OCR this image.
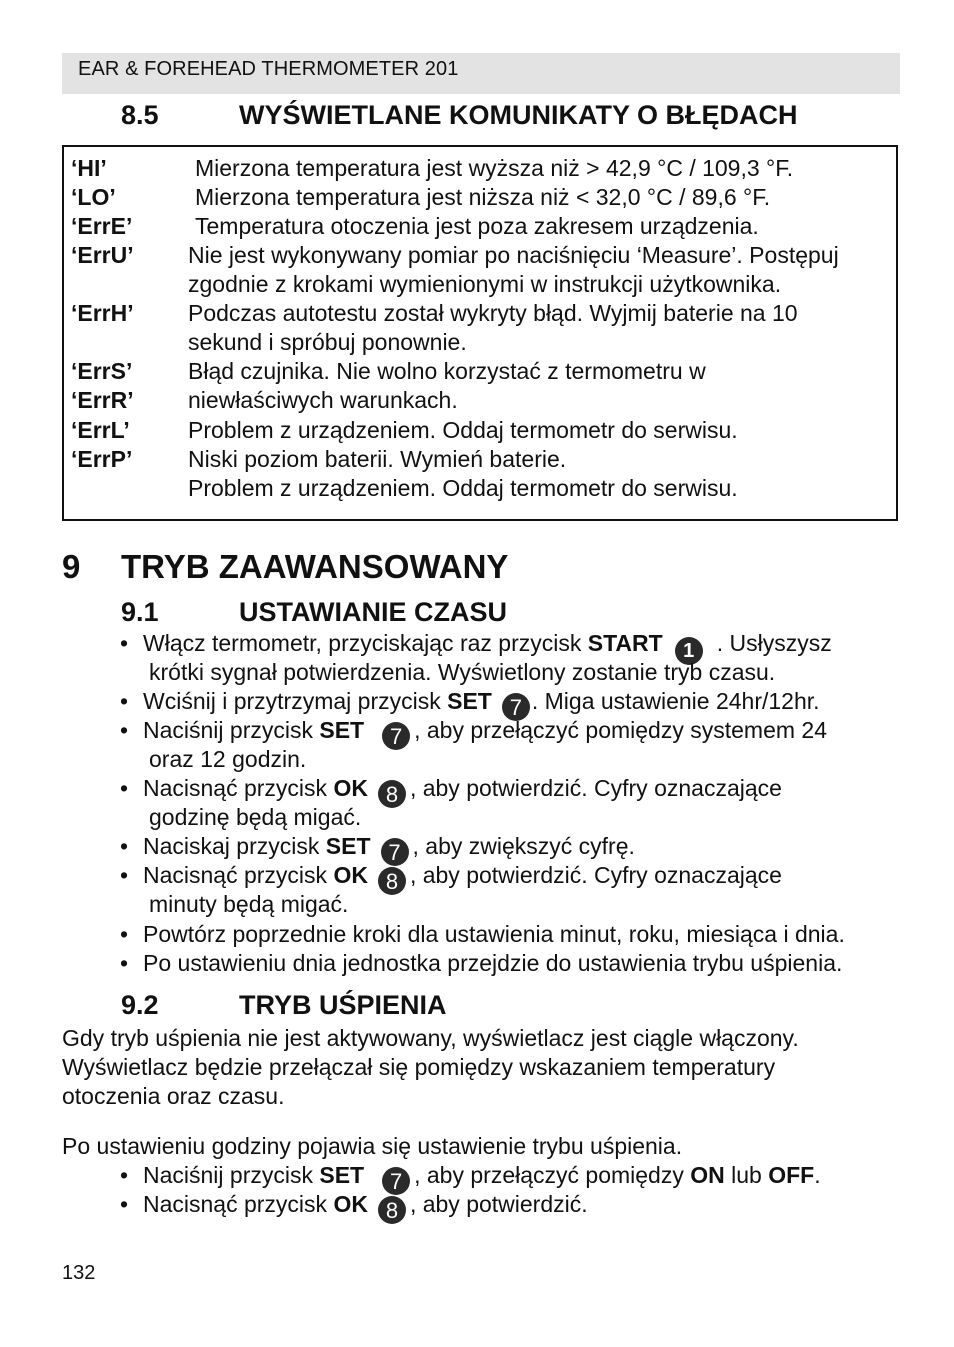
EAR & FOREHEAD THERMOMETER 201
8.5	WYŚWIETLANE KOMUNIKATY O BŁĘDACH
‘HI’	Mierzona temperatura jest wyższa niż > 42,9 °C / 109,3 °F.
‘LO’	Mierzona temperatura jest niższa niż < 32,0 °C / 89,6 °F.
‘ErrE’	Temperatura otoczenia jest poza zakresem urządzenia.
‘ErrU’ Nie jest wykonywany pomiar po naciśnięciu ‘Measure’. Postępuj
zgodnie z krokami wymienionymi w instrukcji użytkownika.
‘ErrH’ Podczas autotestu został wykryty błąd. Wyjmij baterie na 10
sekund i spróbuj ponownie.
‘ErrS’ Błąd czujnika. Nie wolno korzystać z termometru w
‘ErrR’ niewłaściwych warunkach.
‘ErrL’	Problem z urządzeniem. Oddaj termometr do serwisu.
‘ErrP’ Niski poziom baterii. Wymień baterie.
Problem z urządzeniem. Oddaj termometr do serwisu.
9 TRYB ZAAWANSOWANY
9.1	USTAWIANIE CZASU
• Włącz termometr, przyciskając raz przycisk START 1 . Usłyszysz
krótki sygnał potwierdzenia. Wyświetlony zostanie tryb czasu.
• Wciśnij i przytrzymaj przycisk SET 7 . Miga ustawienie 24hr/12hr.
• Naciśnij przycisk SET 7 , aby przełączyć pomiędzy systemem 24
oraz 12 godzin.
• Nacisnąć przycisk OK 8 , aby potwierdzić. Cyfry oznaczające
godzinę będą migać.
• Naciskaj przycisk SET 7 , aby zwiększyć cyfrę.
• Nacisnąć przycisk OK 8 , aby potwierdzić. Cyfry oznaczające
minuty będą migać.
• Powtórz poprzednie kroki dla ustawienia minut, roku, miesiąca i dnia.
• Po ustawieniu dnia jednostka przejdzie do ustawienia trybu uśpienia.
9.2	TRYB UŚPIENIA
Gdy tryb uśpienia nie jest aktywowany, wyświetlacz jest ciągle włączony.
Wyświetlacz będzie przełączał się pomiędzy wskazaniem temperatury
otoczenia oraz czasu.
Po ustawieniu godziny pojawia się ustawienie trybu uśpienia.
• Naciśnij przycisk SET 7 , aby przełączyć pomiędzy ON lub OFF.
• Nacisnąć przycisk OK 8 , aby potwierdzić.
132
